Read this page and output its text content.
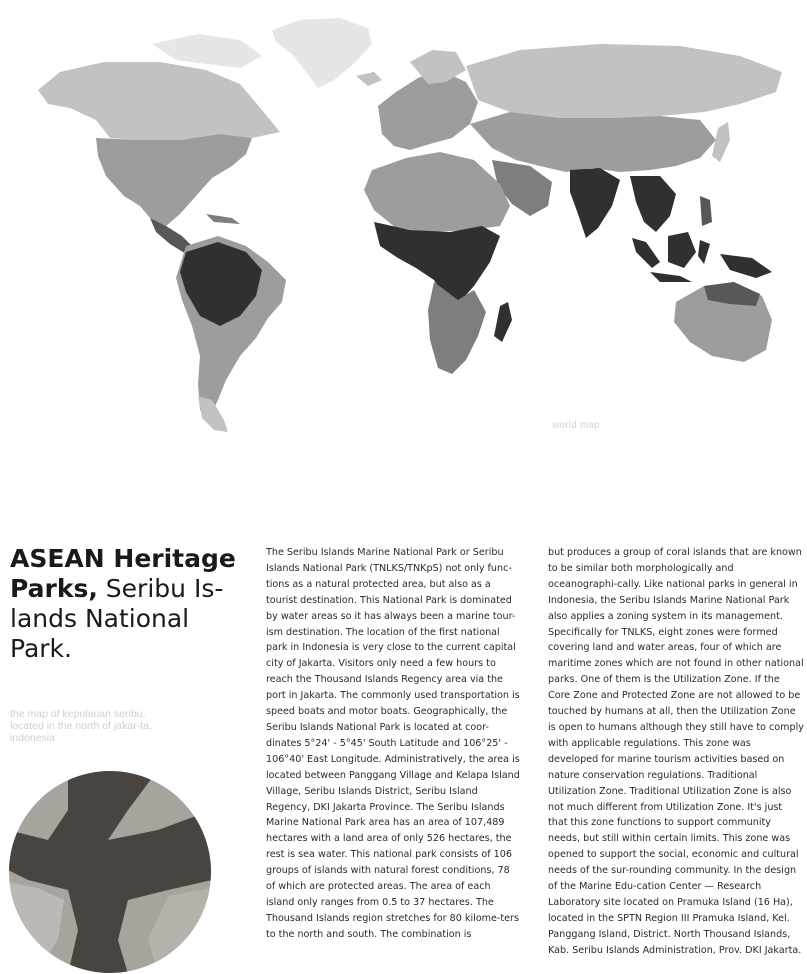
world map
ASEAN Heritage Parks, Seribu Is-lands National Park.
the map of kepulauan seribu, located in the north of jakar-ta, indonesia

The Seribu Islands Marine National Park or Seribu Islands National Park (TNLKS/TNKpS) not only func-tions as a natural protected area, but also as a tourist destination. This National Park is dominated by water areas so it has always been a marine tour-ism destination. The location of the first national park in Indonesia is very close to the current capital city of Jakarta. Visitors only need a few hours to reach the Thousand Islands Regency area via the port in Jakarta. The commonly used transportation is speed boats and motor boats. Geographically, the Seribu Islands National Park is located at coor-dinates 5°24' - 5°45' South Latitude and 106°25' - 106°40' East Longitude. Administratively, the area is located between Panggang Village and Kelapa Island Village, Seribu Islands District, Seribu Island Regency, DKI Jakarta Province. The Seribu Islands Marine National Park area has an area of 107,489 hectares with a land area of only 526 hectares, the rest is sea water. This national park consists of 106 groups of islands with natural forest conditions, 78 of which are protected areas. The area of each island only ranges from 0.5 to 37 hectares. The Thousand Islands region stretches for 80 kilome-ters to the north and south. The combination is

but produces a group of coral islands that are known to be similar both morphologically and oceanographi-cally. Like national parks in general in Indonesia, the Seribu Islands Marine National Park also applies a zoning system in its management. Specifically for TNLKS, eight zones were formed covering land and water areas, four of which are maritime zones which are not found in other national parks. One of them is the Utilization Zone. If the Core Zone and Protected Zone are not allowed to be touched by humans at all, then the Utilization Zone is open to humans although they still have to comply with applicable regulations. This zone was developed for marine tourism activities based on nature conservation regulations. Traditional Utilization Zone. Traditional Utilization Zone is also not much different from Utilization Zone. It's just that this zone functions to support community needs, but still within certain limits. This zone was opened to support the social, economic and cultural needs of the sur-rounding community. In the design of the Marine Edu-cation Center — Research Laboratory site located on Pramuka Island (16 Ha), located in the SPTN Region III Pramuka Island, Kel. Panggang Island, District. North Thousand Islands, Kab. Seribu Islands Administration, Prov. DKI Jakarta.
